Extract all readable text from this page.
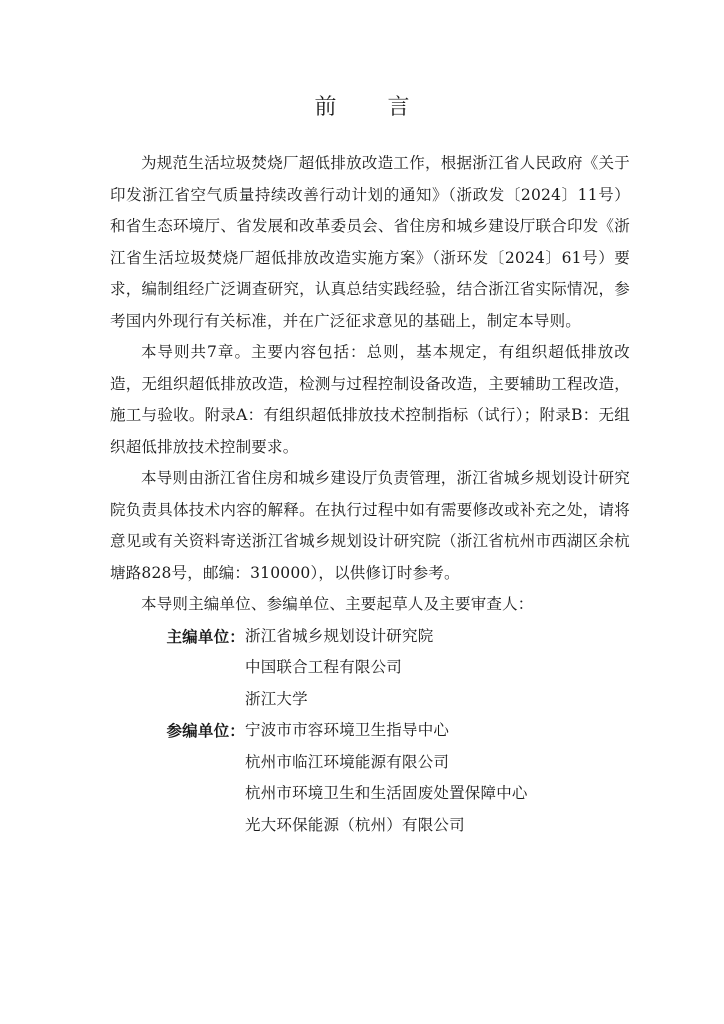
前 言

为规范生活垃圾焚烧厂超低排放改造工作，根据浙江省人民政府《关于印发浙江省空气质量持续改善行动计划的通知》（浙政发〔2024〕11号）和省生态环境厅、省发展和改革委员会、省住房和城乡建设厅联合印发《浙江省生活垃圾焚烧厂超低排放改造实施方案》（浙环发〔2024〕61号）要求，编制组经广泛调查研究，认真总结实践经验，结合浙江省实际情况，参考国内外现行有关标准，并在广泛征求意见的基础上，制定本导则。

本导则共7章。主要内容包括：总则，基本规定，有组织超低排放改造，无组织超低排放改造，检测与过程控制设备改造，主要辅助工程改造，施工与验收。附录A：有组织超低排放技术控制指标（试行）；附录B：无组织超低排放技术控制要求。

本导则由浙江省住房和城乡建设厅负责管理，浙江省城乡规划设计研究院负责具体技术内容的解释。在执行过程中如有需要修改或补充之处，请将意见或有关资料寄送浙江省城乡规划设计研究院（浙江省杭州市西湖区余杭塘路828号，邮编：310000），以供修订时参考。

本导则主编单位、参编单位、主要起草人及主要审查人：

主编单位： 浙江省城乡规划设计研究院
中国联合工程有限公司
浙江大学
参编单位： 宁波市市容环境卫生指导中心
杭州市临江环境能源有限公司
杭州市环境卫生和生活固废处置保障中心
光大环保能源（杭州）有限公司
